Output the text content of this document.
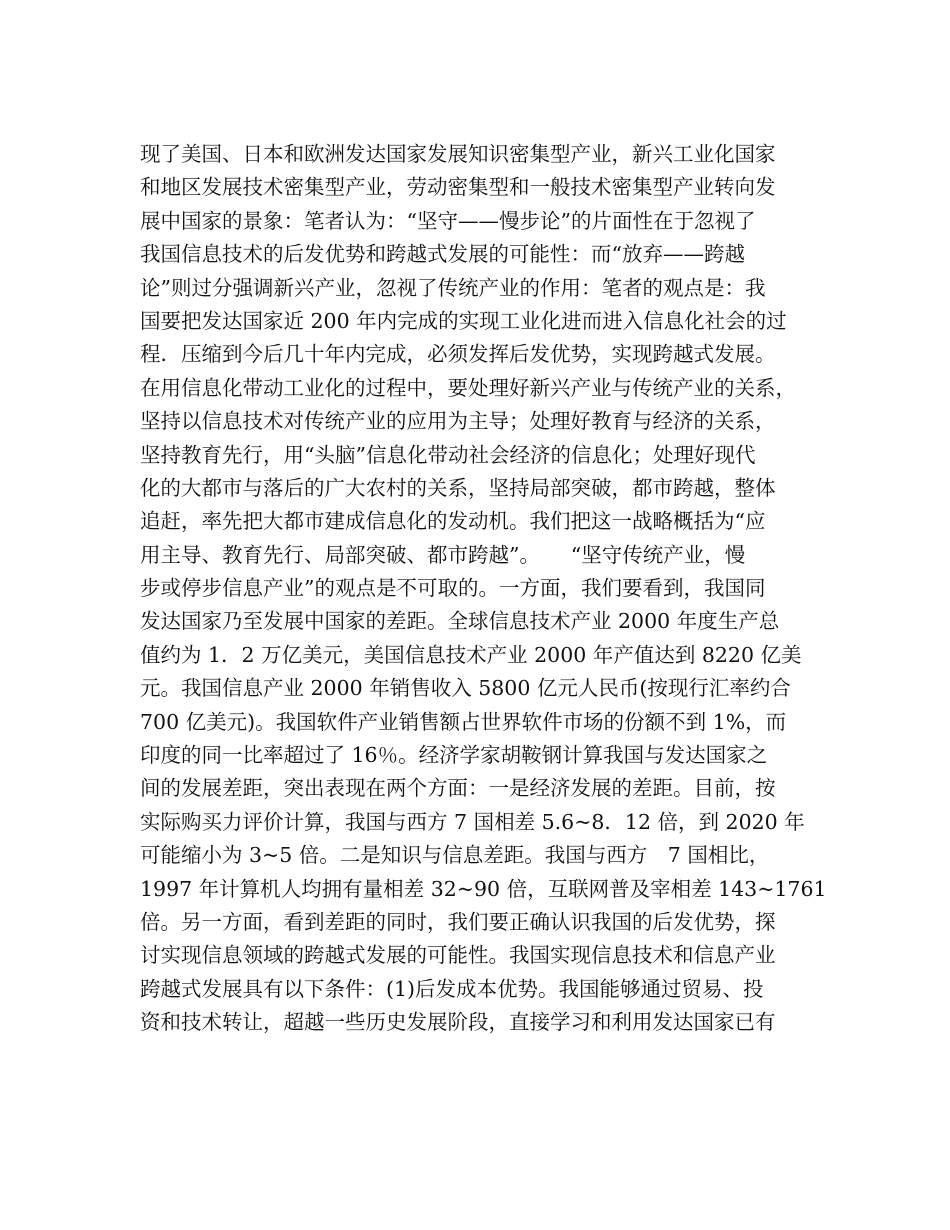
现了美国、日本和欧洲发达国家发展知识密集型产业，新兴工业化国家
和地区发展技术密集型产业，劳动密集型和一般技术密集型产业转向发
展中国家的景象：笔者认为：“坚守——慢步论”的片面性在于忽视了
我国信息技术的后发优势和跨越式发展的可能性：而“放弃——跨越
论”则过分强调新兴产业，忽视了传统产业的作用：笔者的观点是：我
国要把发达国家近 200 年内完成的实现工业化进而进入信息化社会的过
程．压缩到今后几十年内完成，必须发挥后发优势，实现跨越式发展。
在用信息化带动工业化的过程中，要处理好新兴产业与传统产业的关系，
坚持以信息技术对传统产业的应用为主导；处理好教育与经济的关系，
坚持教育先行，用“头脑”信息化带动社会经济的信息化；处理好现代
化的大都市与落后的广大农村的关系，坚持局部突破，都市跨越，整体
追赶，率先把大都市建成信息化的发动机。我们把这一战略概括为“应
用主导、教育先行、局部突破、都市跨越”。　　“坚守传统产业，慢
步或停步信息产业”的观点是不可取的。一方面，我们要看到，我国同
发达国家乃至发展中国家的差距。全球信息技术产业 2000 年度生产总
值约为 1．2 万亿美元，美国信息技术产业 2000 年产值达到 8220 亿美
元。我国信息产业 2000 年销售收入 5800 亿元人民币(按现行汇率约合
700 亿美元)。我国软件产业销售额占世界软件市场的份额不到 1%，而
印度的同一比率超过了 16％。经济学家胡鞍钢计算我国与发达国家之
间的发展差距，突出表现在两个方面：一是经济发展的差距。目前，按
实际购买力评价计算，我国与西方 7 国相差 5.6~8．12 倍，到 2020 年
可能缩小为 3~5 倍。二是知识与信息差距。我国与西方　7 国相比，
1997 年计算机人均拥有量相差 32~90 倍，互联网普及宰相差 143~1761
倍。另一方面，看到差距的同时，我们要正确认识我国的后发优势，探
讨实现信息领域的跨越式发展的可能性。我国实现信息技术和信息产业
跨越式发展具有以下条件：(1)后发成本优势。我国能够通过贸易、投
资和技术转让，超越一些历史发展阶段，直接学习和利用发达国家已有
